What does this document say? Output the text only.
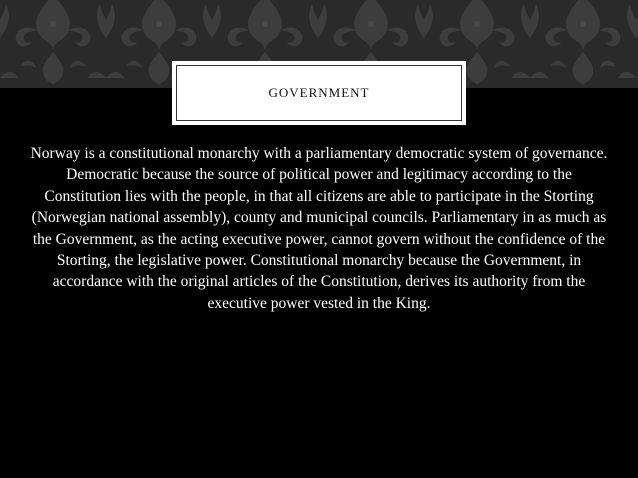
GOVERNMENT

Norway is a constitutional monarchy with a parliamentary democratic system of governance. Democratic because the source of political power and legitimacy according to the Constitution lies with the people, in that all citizens are able to participate in the Storting (Norwegian national assembly), county and municipal councils. Parliamentary in as much as the Government, as the acting executive power, cannot govern without the confidence of the Storting, the legislative power. Constitutional monarchy because the Government, in accordance with the original articles of the Constitution, derives its authority from the executive power vested in the King.
